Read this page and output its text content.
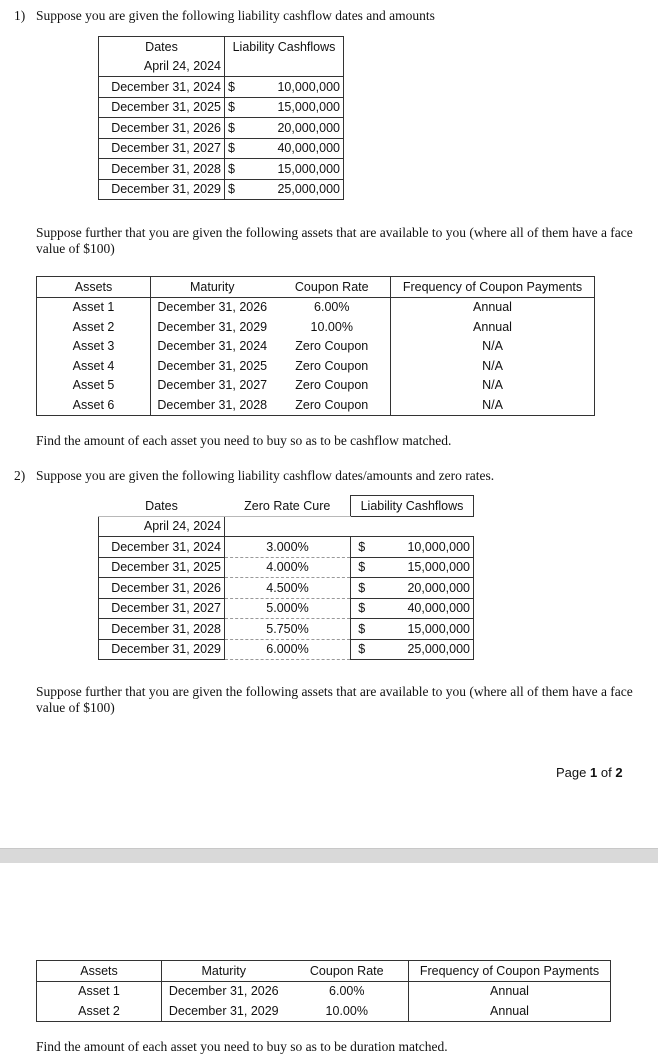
1) Suppose you are given the following liability cashflow dates and amounts
Dates	Liability Cashflows	
April 24, 2024		
December 31, 2024	$	10,000,000
December 31, 2025	$	15,000,000
December 31, 2026	$	20,000,000
December 31, 2027	$	40,000,000
December 31, 2028	$	15,000,000
December 31, 2029	$	25,000,000
Suppose further that you are given the following assets that are available to you (where all of them have a face value of $100)
Assets	Maturity	Coupon Rate	Frequency of Coupon Payments
Asset 1	December 31, 2026	6.00%	Annual
Asset 2	December 31, 2029	10.00%	Annual
Asset 3	December 31, 2024	Zero Coupon	N/A
Asset 4	December 31, 2025	Zero Coupon	N/A
Asset 5	December 31, 2027	Zero Coupon	N/A
Asset 6	December 31, 2028	Zero Coupon	N/A
Find the amount of each asset you need to buy so as to be cashflow matched.
2) Suppose you are given the following liability cashflow dates/amounts and zero rates.
Dates	Zero Rate Cure	Liability Cashflows	
April 24, 2024			
December 31, 2024	3.000%	$	10,000,000
December 31, 2025	4.000%	$	15,000,000
December 31, 2026	4.500%	$	20,000,000
December 31, 2027	5.000%	$	40,000,000
December 31, 2028	5.750%	$	15,000,000
December 31, 2029	6.000%	$	25,000,000
Suppose further that you are given the following assets that are available to you (where all of them have a face value of $100)
Page 1 of 2
Assets	Maturity	Coupon Rate	Frequency of Coupon Payments
Asset 1	December 31, 2026	6.00%	Annual
Asset 2	December 31, 2029	10.00%	Annual
Find the amount of each asset you need to buy so as to be duration matched.
